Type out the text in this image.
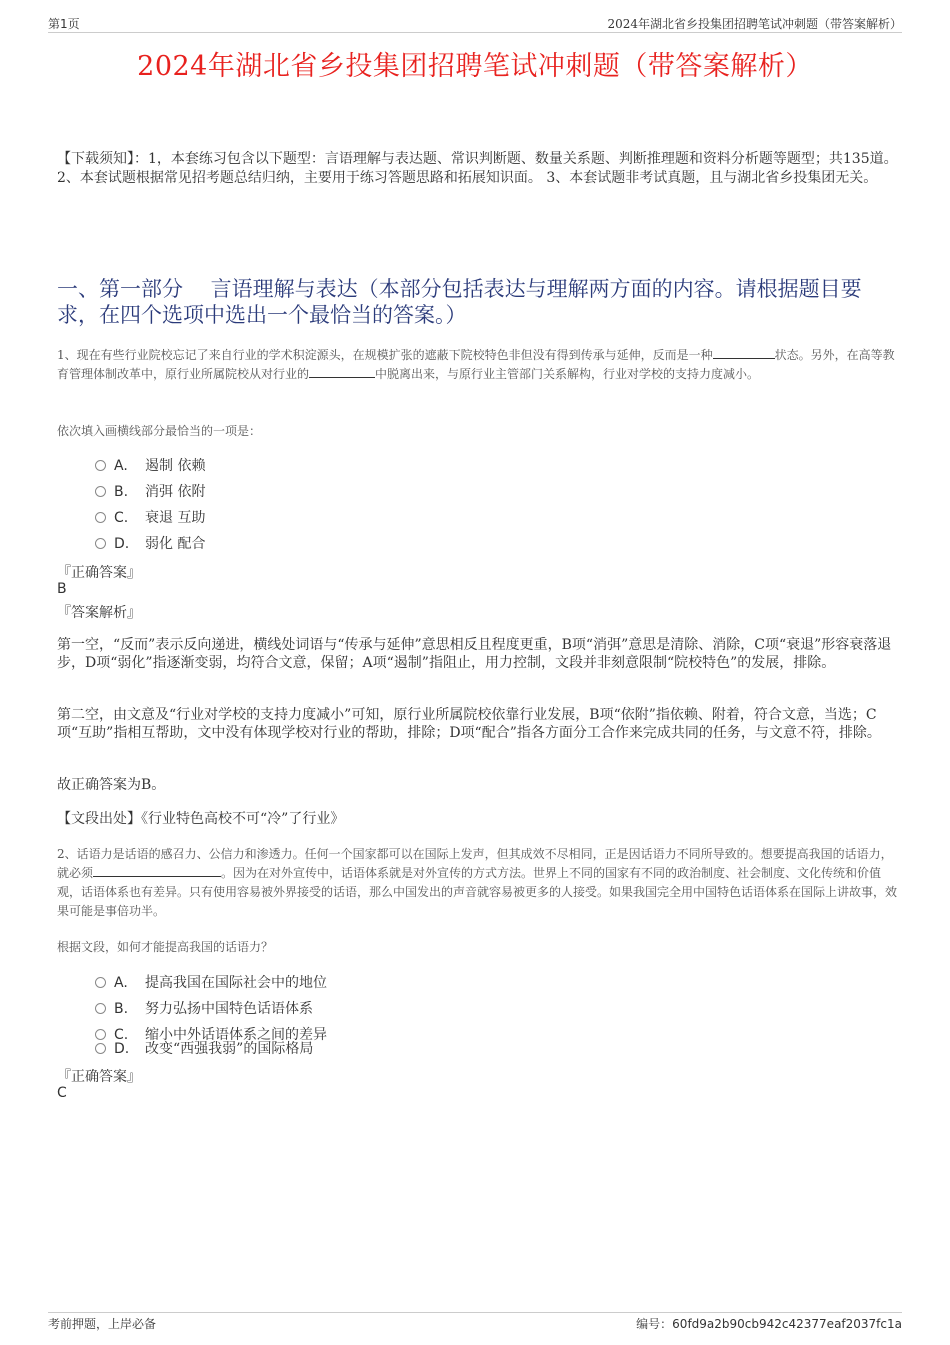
第1页	2024年湖北省乡投集团招聘笔试冲刺题（带答案解析）
2024年湖北省乡投集团招聘笔试冲刺题（带答案解析）
【下载须知】：1，本套练习包含以下题型：言语理解与表达题、常识判断题、数量关系题、判断推理题和资料分析题等题型；共135道。 2、本套试题根据常见招考题总结归纳，主要用于练习答题思路和拓展知识面。 3、本套试题非考试真题，且与湖北省乡投集团无关。
一、第一部分　 言语理解与表达（本部分包括表达与理解两方面的内容。请根据题目要求，在四个选项中选出一个最恰当的答案。）
1、现在有些行业院校忘记了来自行业的学术积淀源头，在规模扩张的遮蔽下院校特色非但没有得到传承与延伸，反而是一种	状态。另外，在高等教育管理体制改革中，原行业所属院校从对行业的	中脱离出来，与原行业主管部门关系解构，行业对学校的支持力度减小。
依次填入画横线部分最恰当的一项是：
A. 遏制 依赖
B. 消弭 依附
C. 衰退 互助
D. 弱化 配合
『正确答案』
B
『答案解析』
第一空，“反而”表示反向递进，横线处词语与“传承与延伸”意思相反且程度更重，B项“消弭”意思是清除、消除，C项“衰退”形容衰落退步，D项“弱化”指逐渐变弱，均符合文意，保留；A项“遏制”指阻止，用力控制，文段并非刻意限制“院校特色”的发展，排除。
第二空，由文意及“行业对学校的支持力度减小”可知，原行业所属院校依靠行业发展，B项“依附”指依赖、附着，符合文意，当选；C项“互助”指相互帮助，文中没有体现学校对行业的帮助，排除；D项“配合”指各方面分工合作来完成共同的任务，与文意不符，排除。
故正确答案为B。
【文段出处】《行业特色高校不可“冷”了行业》
2、话语力是话语的感召力、公信力和渗透力。任何一个国家都可以在国际上发声，但其成效不尽相同，正是因话语力不同所导致的。想要提高我国的话语力，就必须	。因为在对外宣传中，话语体系就是对外宣传的方式方法。世界上不同的国家有不同的政治制度、社会制度、文化传统和价值观，话语体系也有差异。只有使用容易被外界接受的话语，那么中国发出的声音就容易被更多的人接受。如果我国完全用中国特色话语体系在国际上讲故事，效果可能是事倍功半。
根据文段，如何才能提高我国的话语力？
A. 提高我国在国际社会中的地位
B. 努力弘扬中国特色话语体系
C. 缩小中外话语体系之间的差异
D. 改变“西强我弱”的国际格局
『正确答案』
C
考前押题，上岸必备	编号：60fd9a2b90cb942c42377eaf2037fc1a
